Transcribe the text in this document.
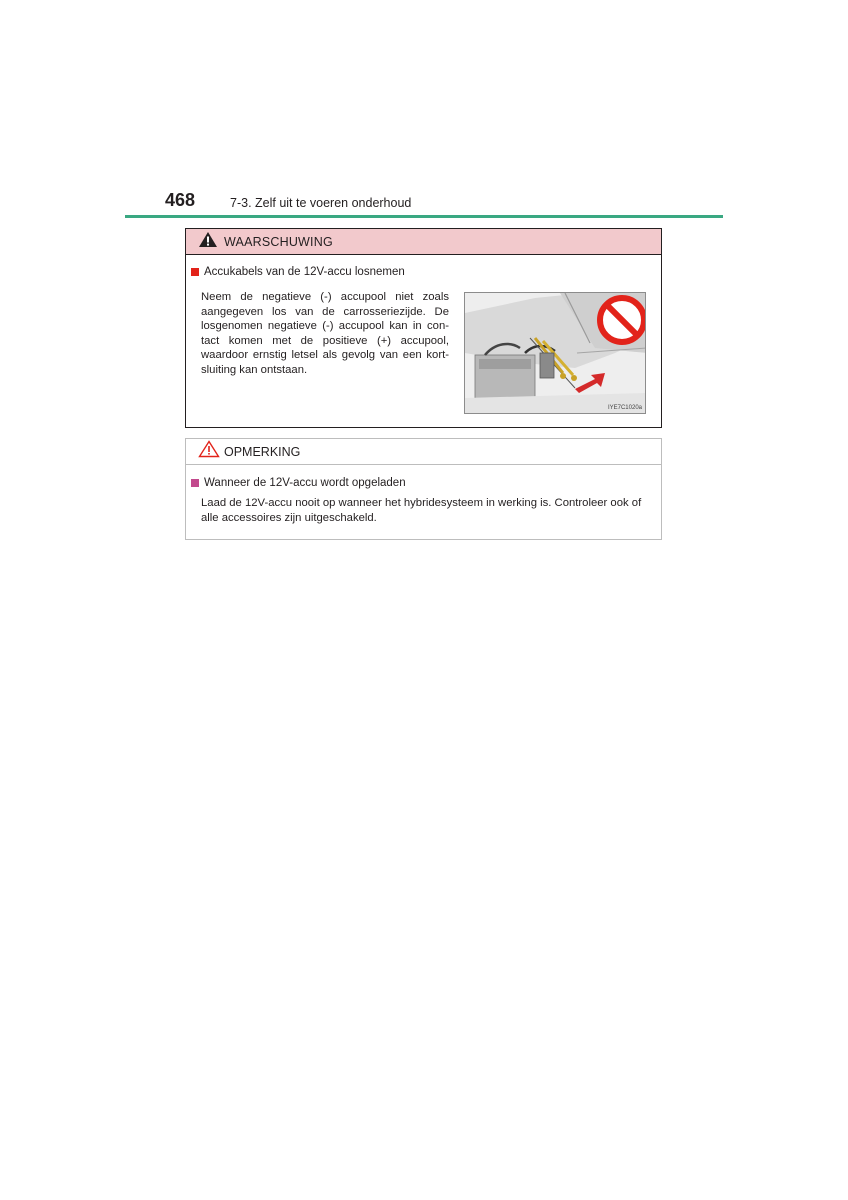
468	7-3. Zelf uit te voeren onderhoud
WAARSCHUWING
Accukabels van de 12V-accu losnemen
Neem de negatieve (-) accupool niet zoals aangegeven los van de carrosseriezijde. De losgenomen negatieve (-) accupool kan in contact komen met de positieve (+) accupool, waardoor ernstig letsel als gevolg van een kortsluiting kan ontstaan.
IYE7C1020a
OPMERKING
Wanneer de 12V-accu wordt opgeladen
Laad de 12V-accu nooit op wanneer het hybridesysteem in werking is. Controleer ook of alle accessoires zijn uitgeschakeld.
